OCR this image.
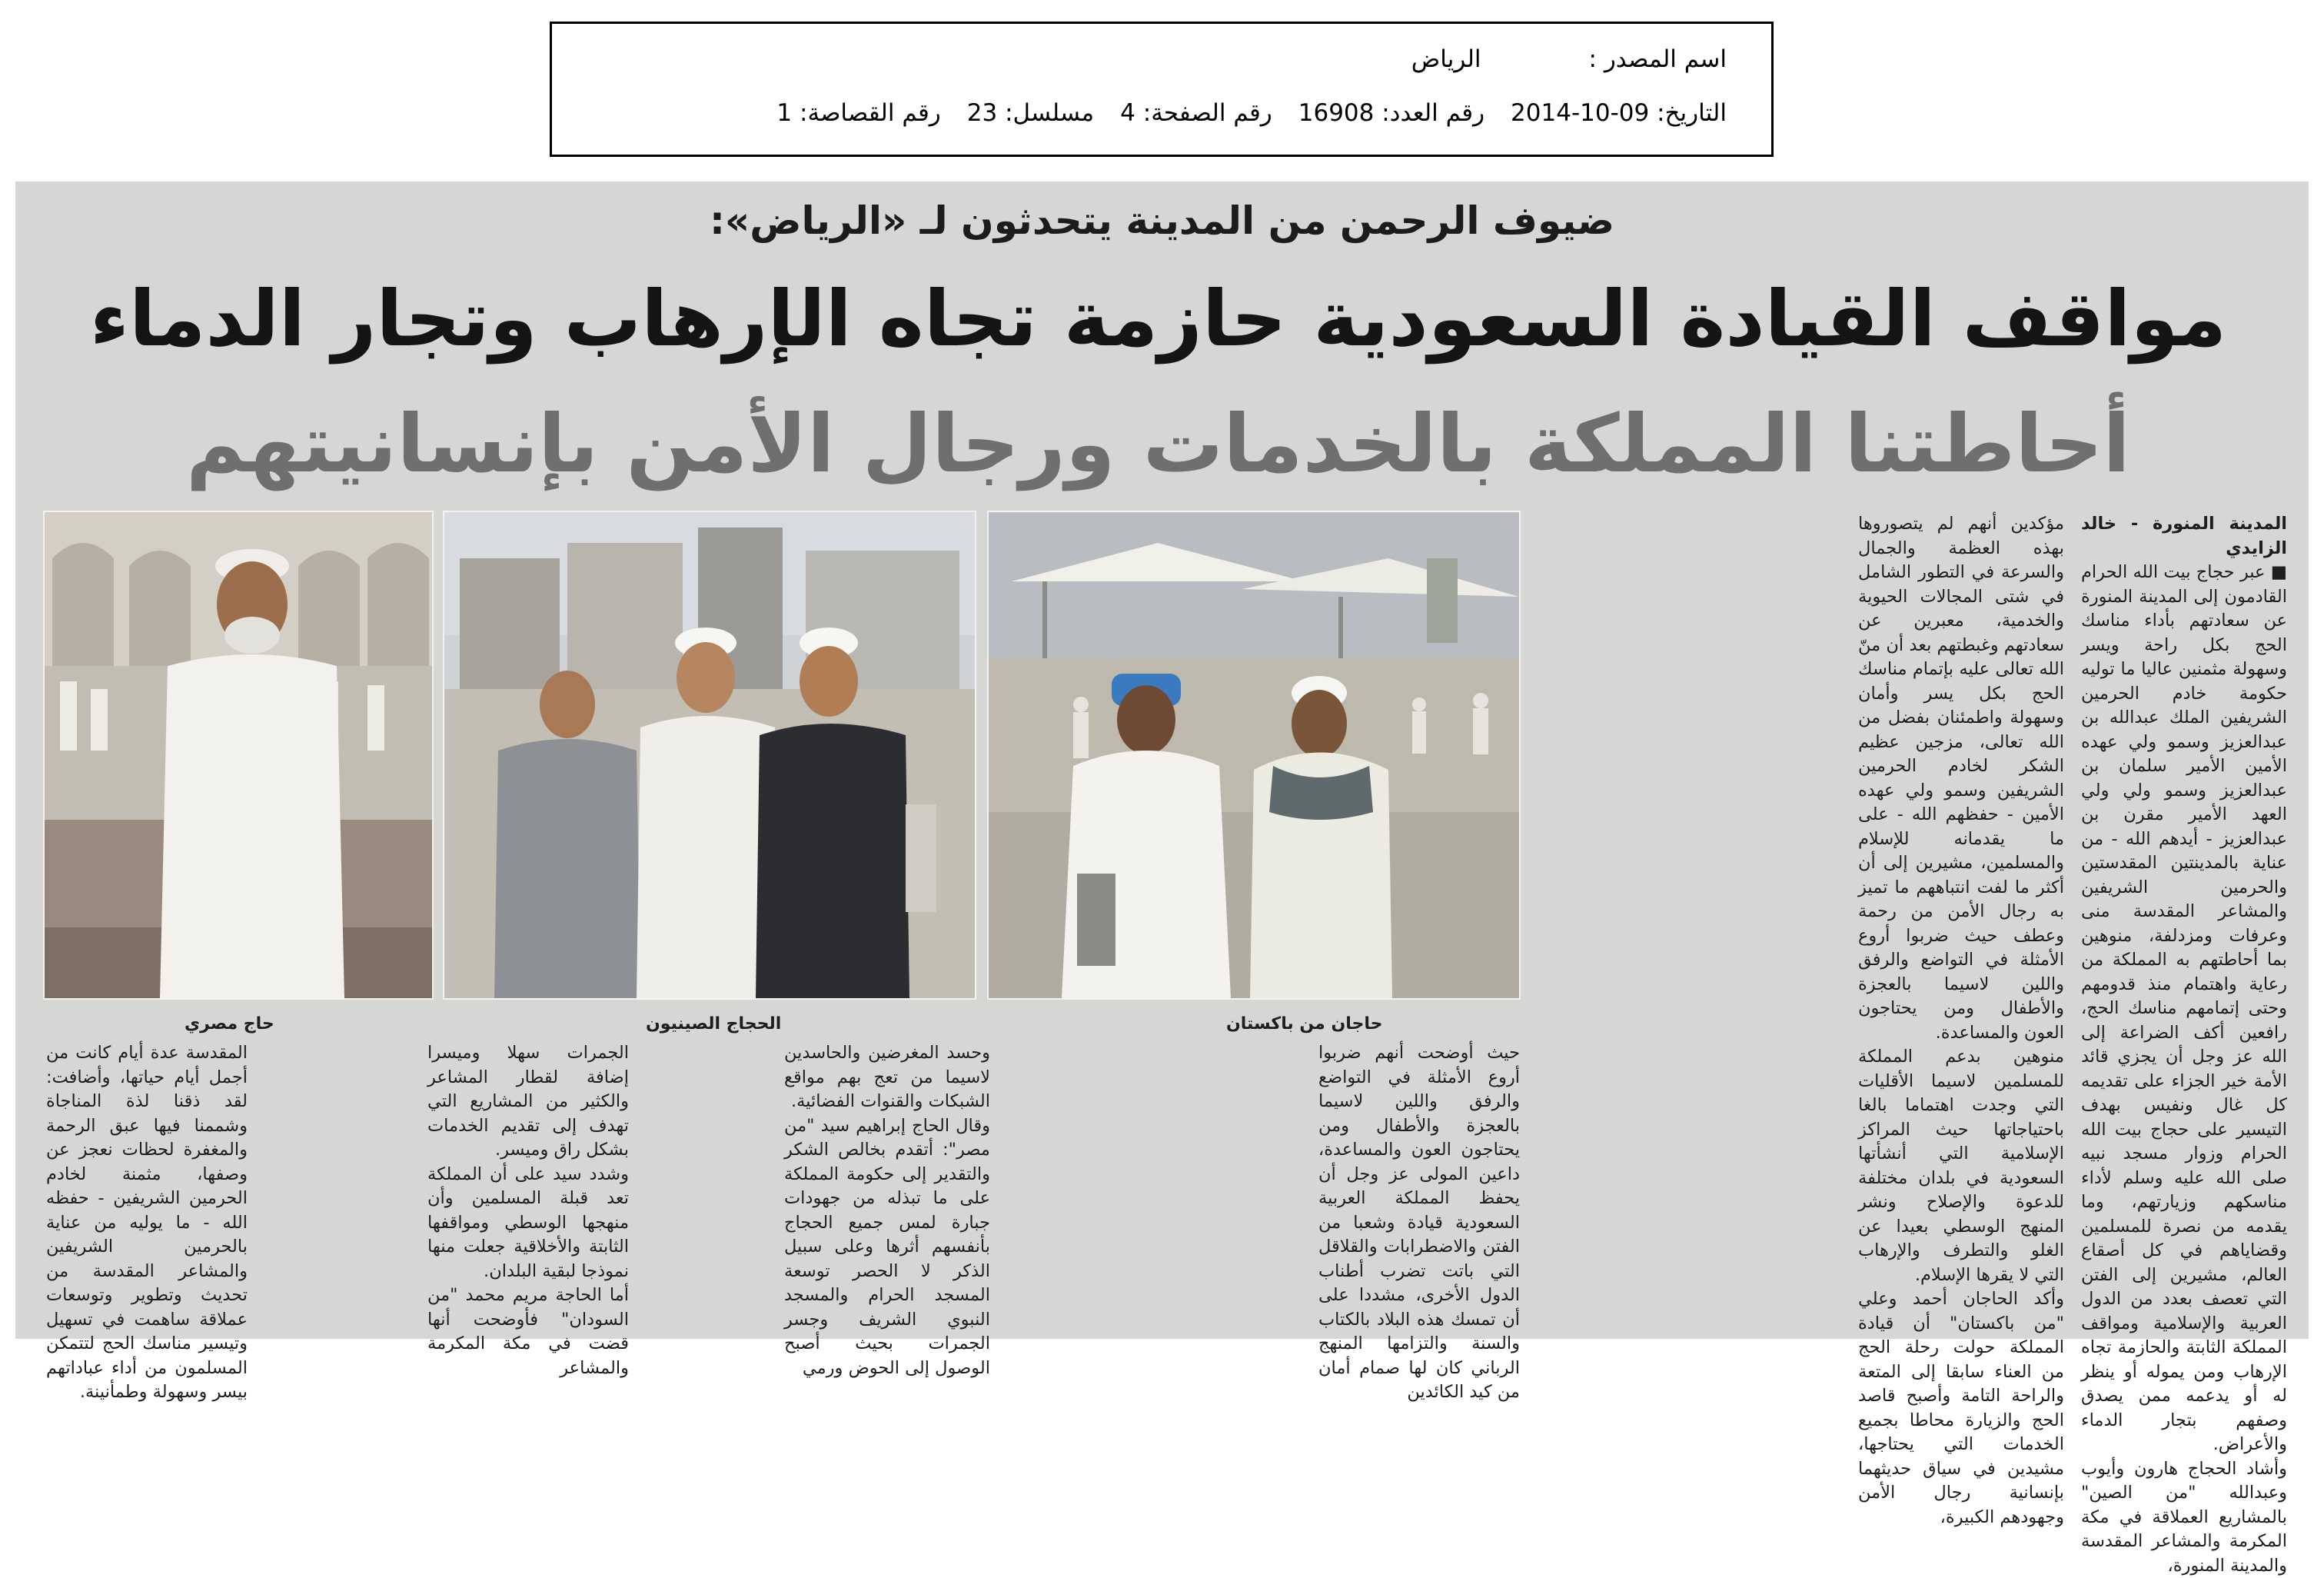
اسم المصدر :الرياض
التاريخ: 2014-10-09رقم العدد: 16908رقم الصفحة: 4مسلسل: 23رقم القصاصة: 1
ضيوف الرحمن من المدينة يتحدثون لـ «الرياض»:
مواقف القيادة السعودية حازمة تجاه الإرهاب وتجار الدماء
أحاطتنا المملكة بالخدمات ورجال الأمن بإنسانيتهم

المدينة المنورة - خالد الزايدي

■ عبر حجاج بيت الله الحرام القادمون إلى المدينة المنورة عن سعادتهم بأداء مناسك الحج بكل راحة ويسر وسهولة مثمنين عاليا ما توليه حكومة خادم الحرمين الشريفين الملك عبدالله بن عبدالعزيز وسمو ولي عهده الأمين الأمير سلمان بن عبدالعزيز وسمو ولي ولي العهد الأمير مقرن بن عبدالعزيز - أيدهم الله - من عناية بالمدينتين المقدستين والحرمين الشريفين والمشاعر المقدسة منى وعرفات ومزدلفة، منوهين بما أحاطتهم به المملكة من رعاية واهتمام منذ قدومهم وحتى إتمامهم مناسك الحج، رافعين أكف الضراعة إلى الله عز وجل أن يجزي قائد الأمة خير الجزاء على تقديمه كل غال ونفيس بهدف التيسير على حجاج بيت الله الحرام وزوار مسجد نبيه صلى الله عليه وسلم لأداء مناسكهم وزيارتهم، وما يقدمه من نصرة للمسلمين وقضاياهم في كل أصقاع العالم، مشيرين إلى الفتن التي تعصف بعدد من الدول العربية والإسلامية ومواقف المملكة الثابتة والحازمة تجاه الإرهاب ومن يموله أو ينظر له أو يدعمه ممن يصدق وصفهم بتجار الدماء والأعراض.
وأشاد الحجاج هارون وأيوب وعبدالله "من الصين" بالمشاريع العملاقة في مكة المكرمة والمشاعر المقدسة والمدينة المنورة،

مؤكدين أنهم لم يتصوروها بهذه العظمة والجمال والسرعة في التطور الشامل في شتى المجالات الحيوية والخدمية، معبرين عن سعادتهم وغبطتهم بعد أن منّ الله تعالى عليه بإتمام مناسك الحج بكل يسر وأمان وسهولة واطمئنان بفضل من الله تعالى، مزجين عظيم الشكر لخادم الحرمين الشريفين وسمو ولي عهده الأمين - حفظهم الله - على ما يقدمانه للإسلام والمسلمين، مشيرين إلى أن أكثر ما لفت انتباههم ما تميز به رجال الأمن من رحمة وعطف حيث ضربوا أروع الأمثلة في التواضع والرفق واللين لاسيما بالعجزة والأطفال ومن يحتاجون العون والمساعدة.
منوهين بدعم المملكة للمسلمين لاسيما الأقليات التي وجدت اهتماما بالغا باحتياجاتها حيث المراكز الإسلامية التي أنشأتها السعودية في بلدان مختلفة للدعوة والإصلاح ونشر المنهج الوسطي بعيدا عن الغلو والتطرف والإرهاب التي لا يقرها الإسلام.
وأكد الحاجان أحمد وعلي "من باكستان" أن قيادة المملكة حولت رحلة الحج من العناء سابقا إلى المتعة والراحة التامة وأصبح قاصد الحج والزيارة محاطا بجميع الخدمات التي يحتاجها، مشيدين في سياق حديثهما بإنسانية رجال الأمن وجهودهم الكبيرة،

حاجان من باكستان
الحجاج الصينيون
حاج مصري

حيث أوضحت أنهم ضربوا أروع الأمثلة في التواضع والرفق واللين لاسيما بالعجزة والأطفال ومن يحتاجون العون والمساعدة، داعين المولى عز وجل أن يحفظ المملكة العربية السعودية قيادة وشعبا من الفتن والاضطرابات والقلاقل التي باتت تضرب أطناب الدول الأخرى، مشددا على أن تمسك هذه البلاد بالكتاب والسنة والتزامها المنهج الرباني كان لها صمام أمان من كيد الكائدين

وحسد المغرضين والحاسدين لاسيما من تعج بهم مواقع الشبكات والقنوات الفضائية.
وقال الحاج إبراهيم سيد "من مصر": أتقدم بخالص الشكر والتقدير إلى حكومة المملكة على ما تبذله من جهودات جبارة لمس جميع الحجاج بأنفسهم أثرها وعلى سبيل الذكر لا الحصر توسعة المسجد الحرام والمسجد النبوي الشريف وجسر الجمرات بحيث أصبح الوصول إلى الحوض ورمي

الجمرات سهلا وميسرا إضافة لقطار المشاعر والكثير من المشاريع التي تهدف إلى تقديم الخدمات بشكل راق وميسر.
وشدد سيد على أن المملكة تعد قبلة المسلمين وأن منهجها الوسطي ومواقفها الثابتة والأخلاقية جعلت منها نموذجا لبقية البلدان.
أما الحاجة مريم محمد "من السودان" فأوضحت أنها قضت في مكة المكرمة والمشاعر

المقدسة عدة أيام كانت من أجمل أيام حياتها، وأضافت: لقد ذقنا لذة المناجاة وشممنا فيها عبق الرحمة والمغفرة لحظات نعجز عن وصفها، مثمنة لخادم الحرمين الشريفين - حفظه الله - ما يوليه من عناية بالحرمين الشريفين والمشاعر المقدسة من تحديث وتطوير وتوسعات عملاقة ساهمت في تسهيل وتيسير مناسك الحج لتتمكن المسلمون من أداء عباداتهم بيسر وسهولة وطمأنينة.
